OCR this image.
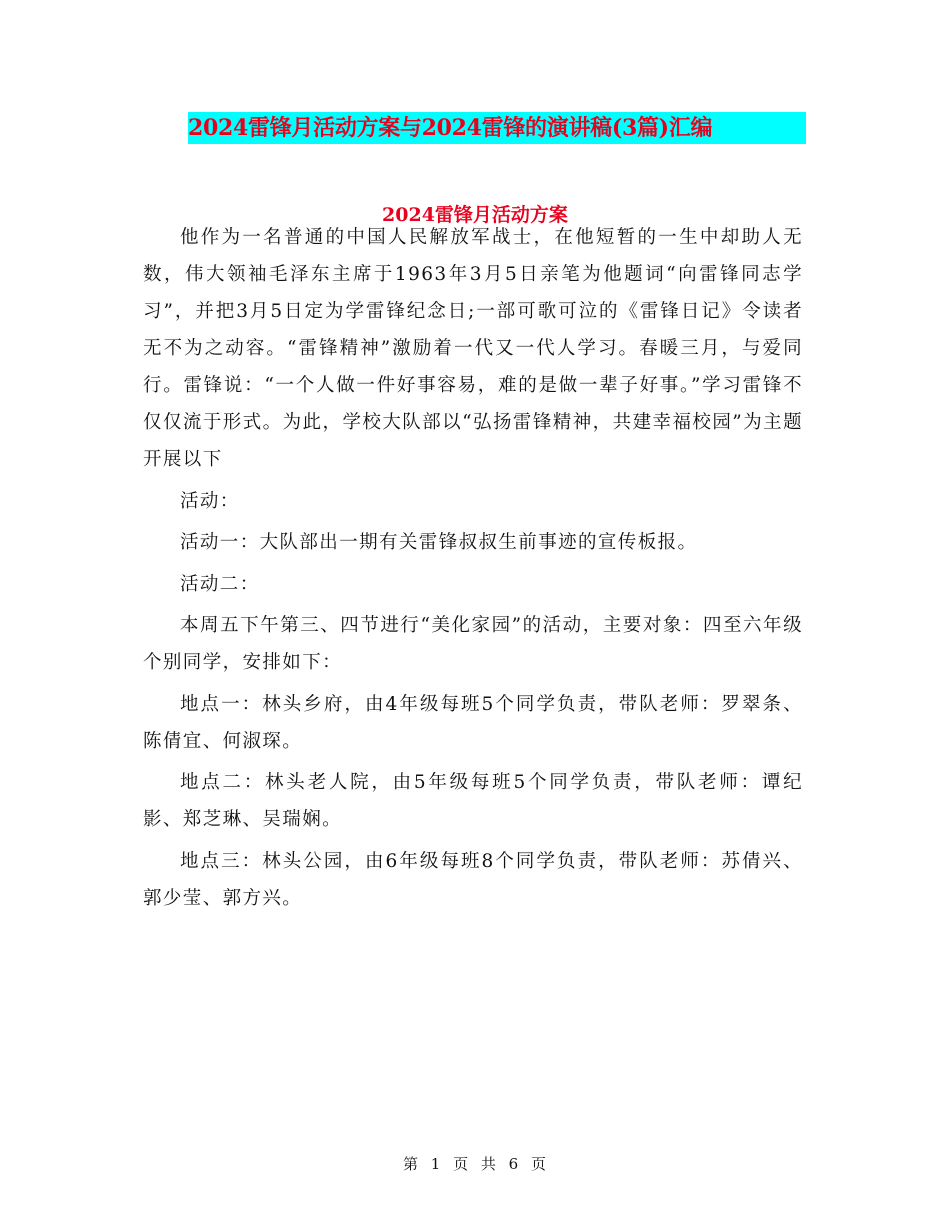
2024雷锋月活动方案与2024雷锋的演讲稿(3篇)汇编
2024雷锋月活动方案

他作为一名普通的中国人民解放军战士，在他短暂的一生中却助人无数，伟大领袖毛泽东主席于1963年3月5日亲笔为他题词“向雷锋同志学习”，并把3月5日定为学雷锋纪念日;一部可歌可泣的《雷锋日记》令读者无不为之动容。“雷锋精神”激励着一代又一代人学习。春暖三月，与爱同行。雷锋说：“一个人做一件好事容易，难的是做一辈子好事。”学习雷锋不仅仅流于形式。为此，学校大队部以“弘扬雷锋精神，共建幸福校园”为主题开展以下

活动：

活动一：大队部出一期有关雷锋叔叔生前事迹的宣传板报。

活动二：

本周五下午第三、四节进行“美化家园”的活动，主要对象：四至六年级个别同学，安排如下：

地点一：林头乡府，由4年级每班5个同学负责，带队老师：罗翠条、陈倩宜、何淑琛。

地点二：林头老人院，由5年级每班5个同学负责，带队老师：谭纪影、郑芝琳、吴瑞娴。

地点三：林头公园，由6年级每班8个同学负责，带队老师：苏倩兴、郭少莹、郭方兴。

第 1 页 共 6 页
